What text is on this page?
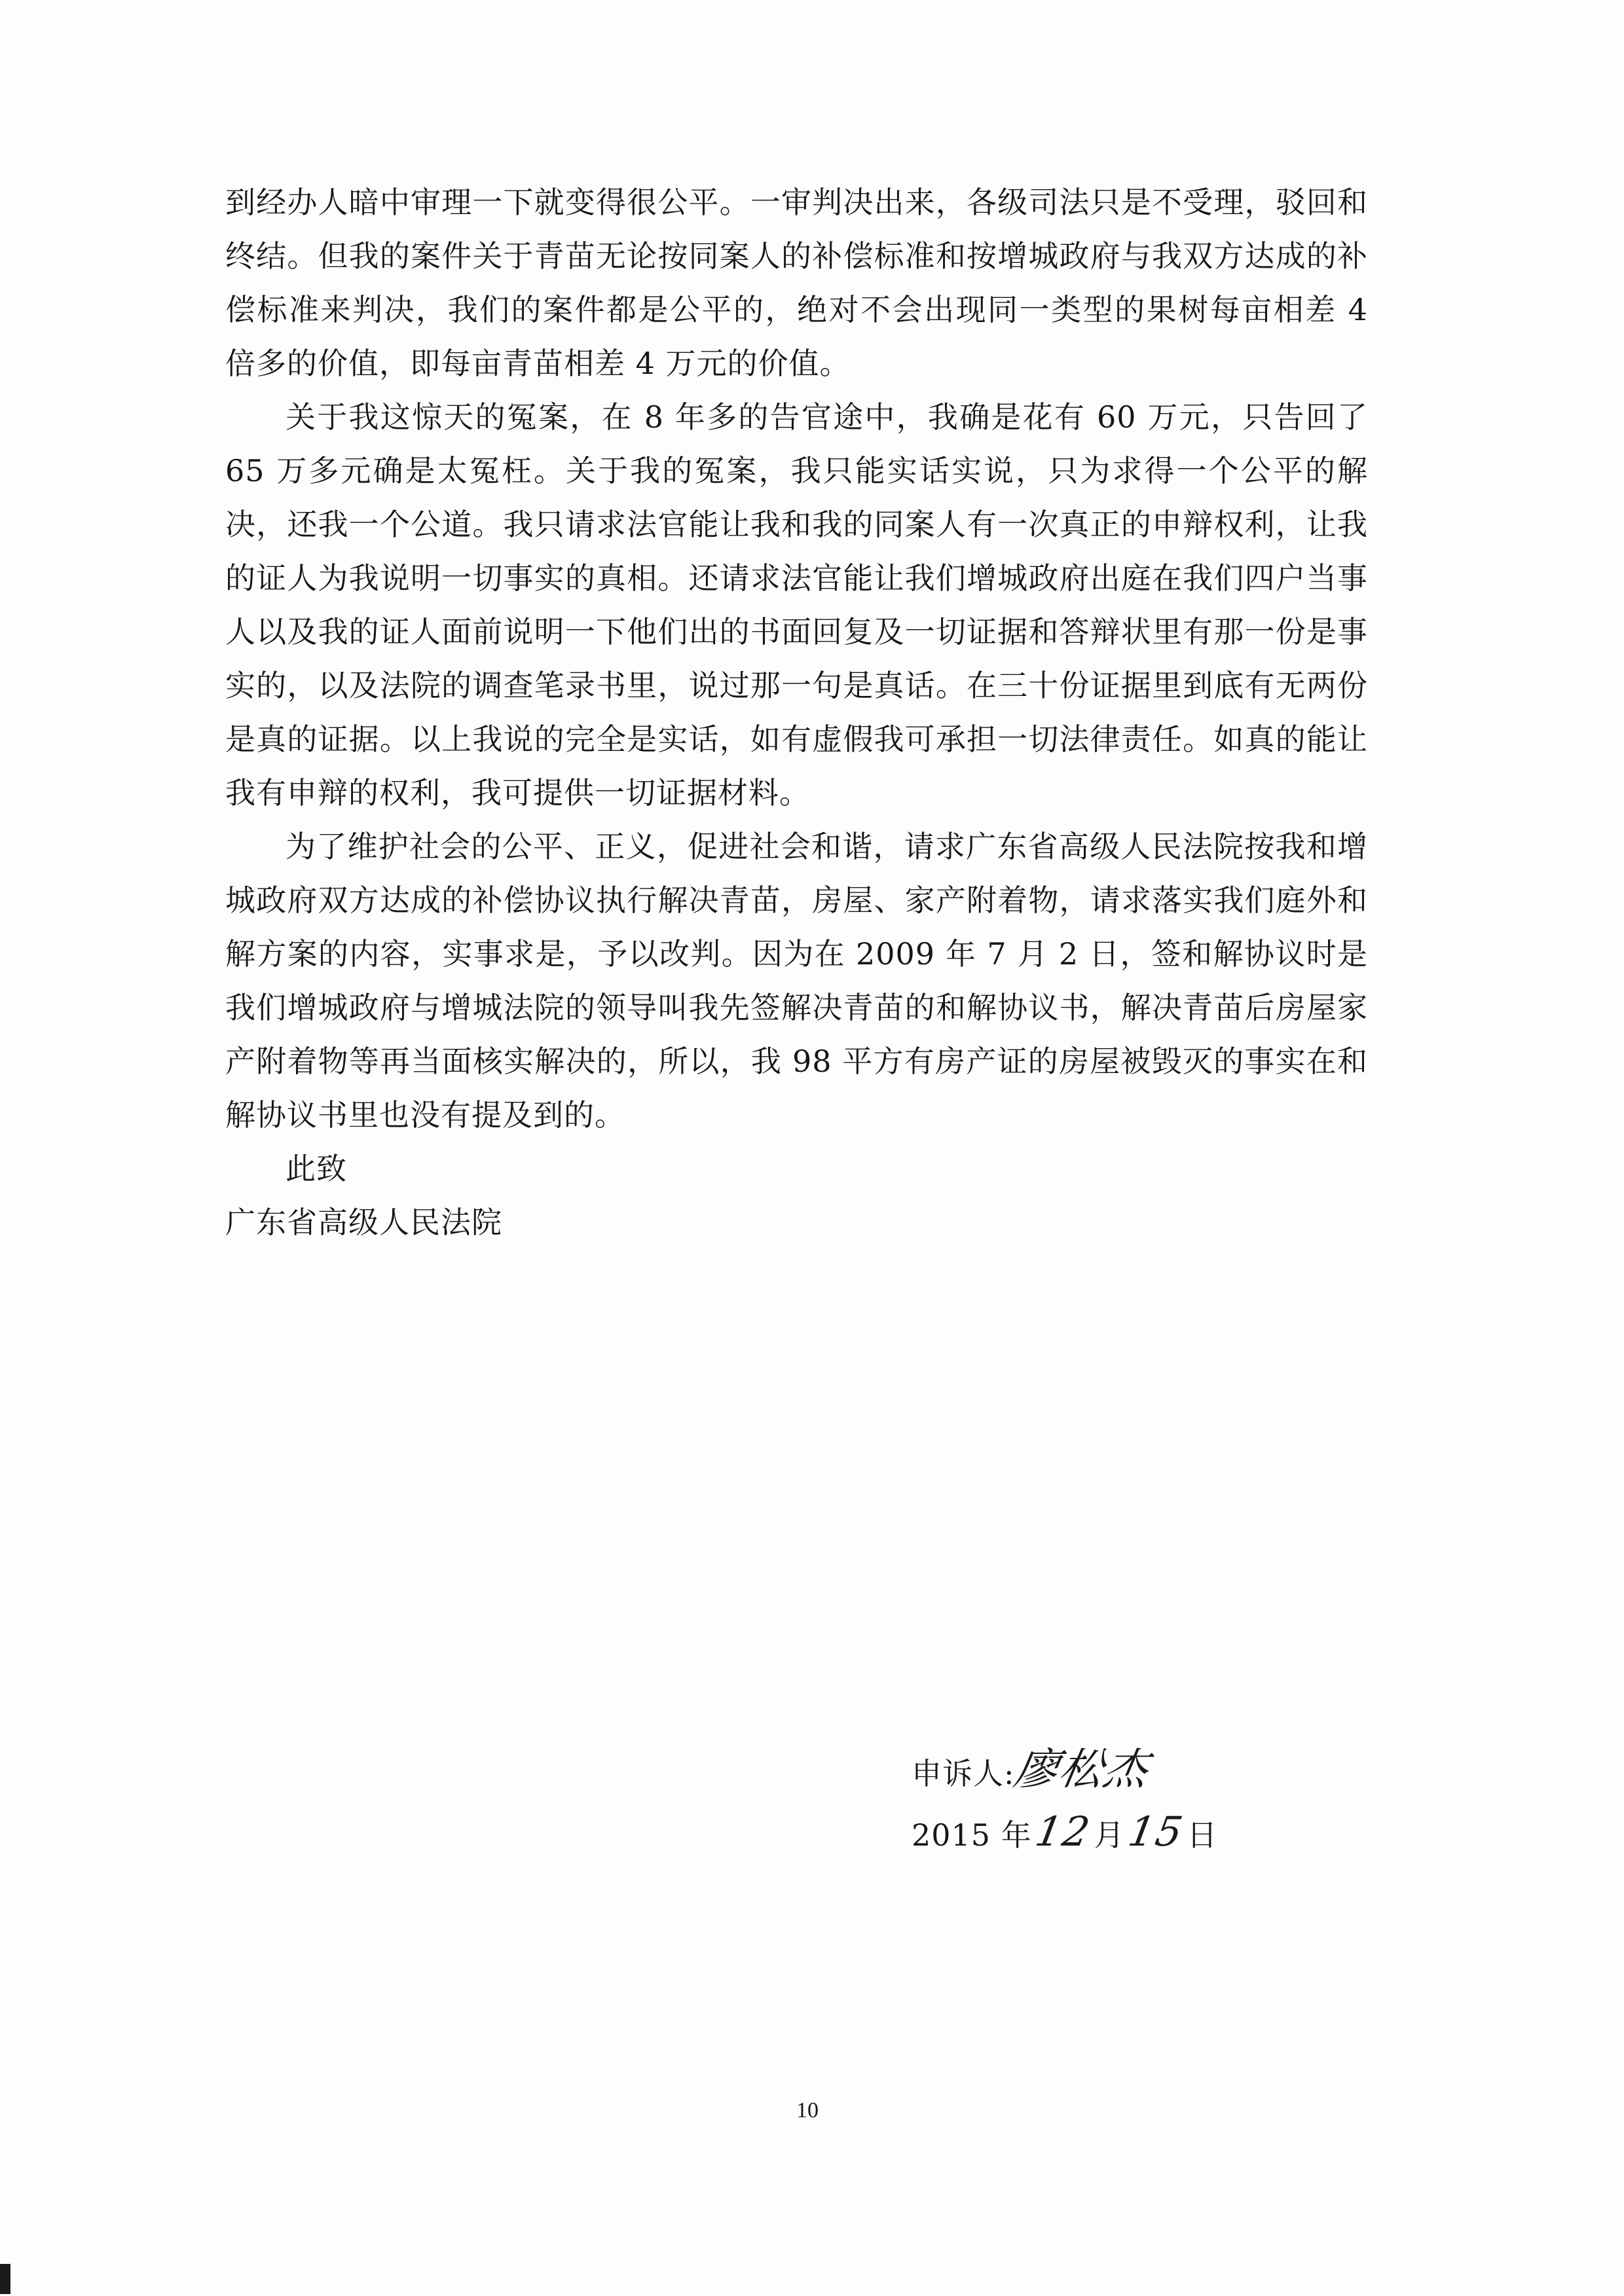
到经办人暗中审理一下就变得很公平。一审判决出来，各级司法只是不受理，驳回和终结。但我的案件关于青苗无论按同案人的补偿标准和按增城政府与我双方达成的补偿标准来判决，我们的案件都是公平的，绝对不会出现同一类型的果树每亩相差 4 倍多的价值，即每亩青苗相差 4 万元的价值。

关于我这惊天的冤案，在 8 年多的告官途中，我确是花有 60 万元，只告回了 65 万多元确是太冤枉。关于我的冤案，我只能实话实说，只为求得一个公平的解决，还我一个公道。我只请求法官能让我和我的同案人有一次真正的申辩权利，让我的证人为我说明一切事实的真相。还请求法官能让我们增城政府出庭在我们四户当事人以及我的证人面前说明一下他们出的书面回复及一切证据和答辩状里有那一份是事实的，以及法院的调查笔录书里，说过那一句是真话。在三十份证据里到底有无两份是真的证据。以上我说的完全是实话，如有虚假我可承担一切法律责任。如真的能让我有申辩的权利，我可提供一切证据材料。

为了维护社会的公平、正义，促进社会和谐，请求广东省高级人民法院按我和增城政府双方达成的补偿协议执行解决青苗，房屋、家产附着物，请求落实我们庭外和解方案的内容，实事求是，予以改判。因为在 2009 年 7 月 2 日，签和解协议时是我们增城政府与增城法院的领导叫我先签解决青苗的和解协议书，解决青苗后房屋家产附着物等再当面核实解决的，所以，我 98 平方有房产证的房屋被毁灭的事实在和解协议书里也没有提及到的。

此致

广东省高级人民法院

申诉人:廖松杰
2015 年12月15日
10
